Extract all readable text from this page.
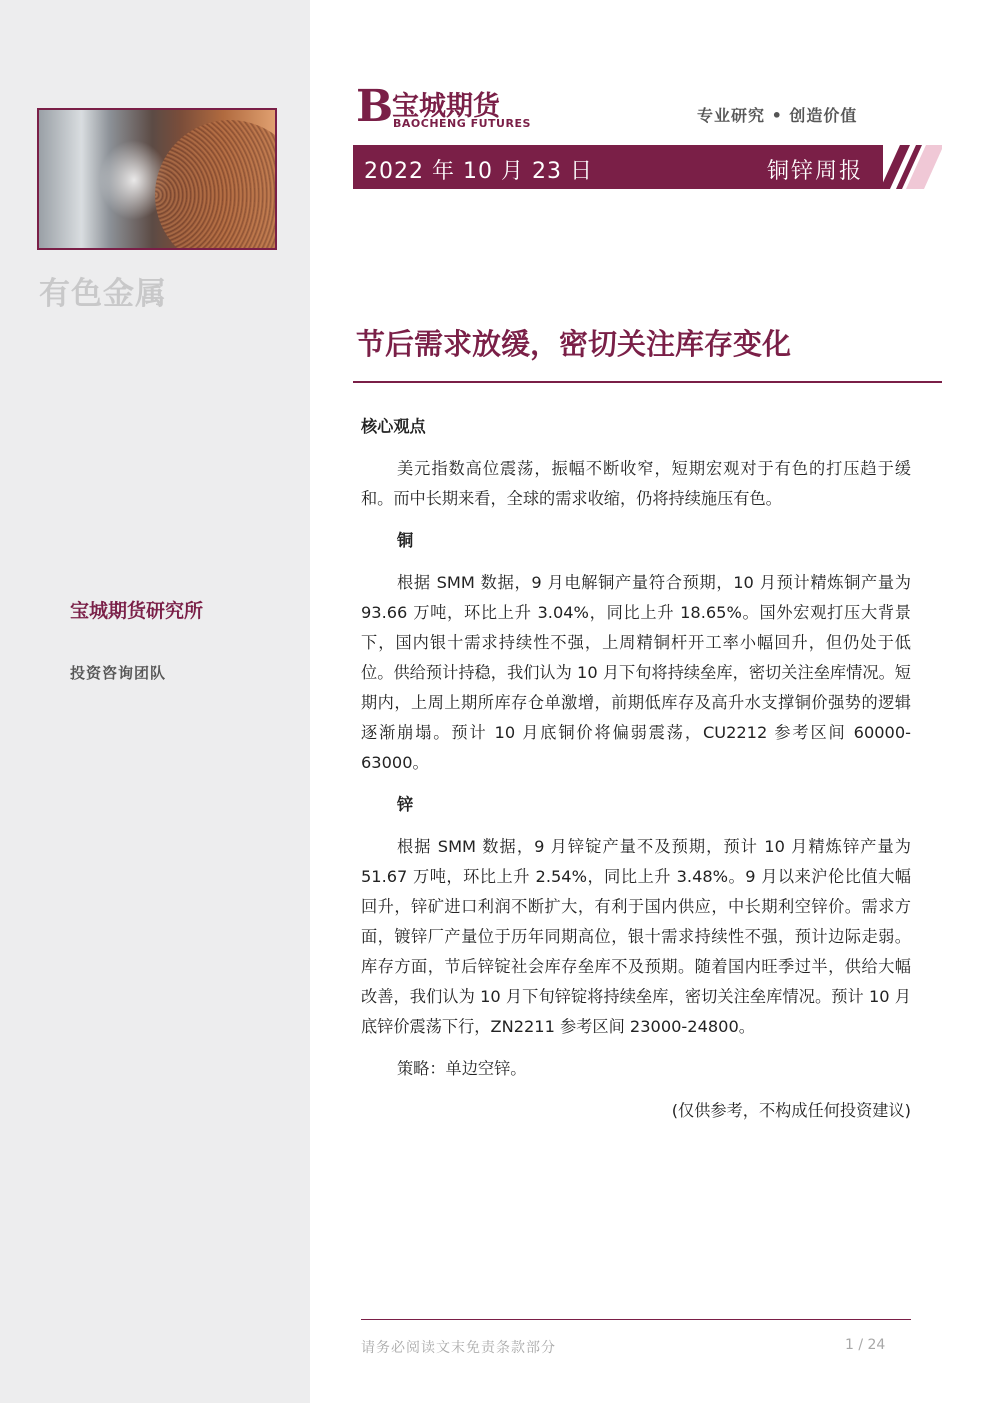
有色金属
宝城期货研究所
投资咨询团队
B
宝城期货
BAOCHENG FUTURES	专业研究 • 创造价值
2022 年 10 月 23 日	铜锌周报
节后需求放缓，密切关注库存变化
核心观点

美元指数高位震荡，振幅不断收窄，短期宏观对于有色的打压趋于缓和。而中长期来看，全球的需求收缩，仍将持续施压有色。

铜

根据 SMM 数据，9 月电解铜产量符合预期，10 月预计精炼铜产量为 93.66 万吨，环比上升 3.04%，同比上升 18.65%。国外宏观打压大背景下，国内银十需求持续性不强，上周精铜杆开工率小幅回升，但仍处于低位。供给预计持稳，我们认为 10 月下旬将持续垒库，密切关注垒库情况。短期内，上周上期所库存仓单激增，前期低库存及高升水支撑铜价强势的逻辑逐渐崩塌。预计 10 月底铜价将偏弱震荡，CU2212 参考区间 60000-63000。

锌

根据 SMM 数据，9 月锌锭产量不及预期，预计 10 月精炼锌产量为 51.67 万吨，环比上升 2.54%，同比上升 3.48%。9 月以来沪伦比值大幅回升，锌矿进口利润不断扩大，有利于国内供应，中长期利空锌价。需求方面，镀锌厂产量位于历年同期高位，银十需求持续性不强，预计边际走弱。库存方面，节后锌锭社会库存垒库不及预期。随着国内旺季过半，供给大幅改善，我们认为 10 月下旬锌锭将持续垒库，密切关注垒库情况。预计 10 月底锌价震荡下行，ZN2211 参考区间 23000-24800。

策略：单边空锌。
(仅供参考，不构成任何投资建议)
请务必阅读文末免责条款部分	1 / 24
